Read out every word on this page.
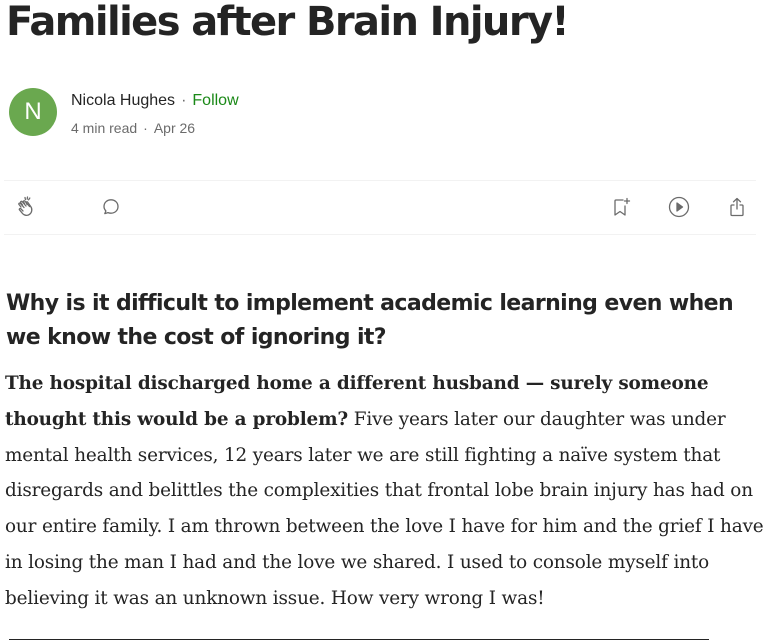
Families after Brain Injury!
N	Nicola Hughes · Follow
4 min read · Apr 26
Why is it difficult to implement academic learning even when we know the cost of ignoring it?

The hospital discharged home a different husband — surely someone thought this would be a problem? Five years later our daughter was under mental health services, 12 years later we are still fighting a naïve system that disregards and belittles the complexities that frontal lobe brain injury has had on our entire family. I am thrown between the love I have for him and the grief I have in losing the man I had and the love we shared. I used to console myself into believing it was an unknown issue. How very wrong I was!
